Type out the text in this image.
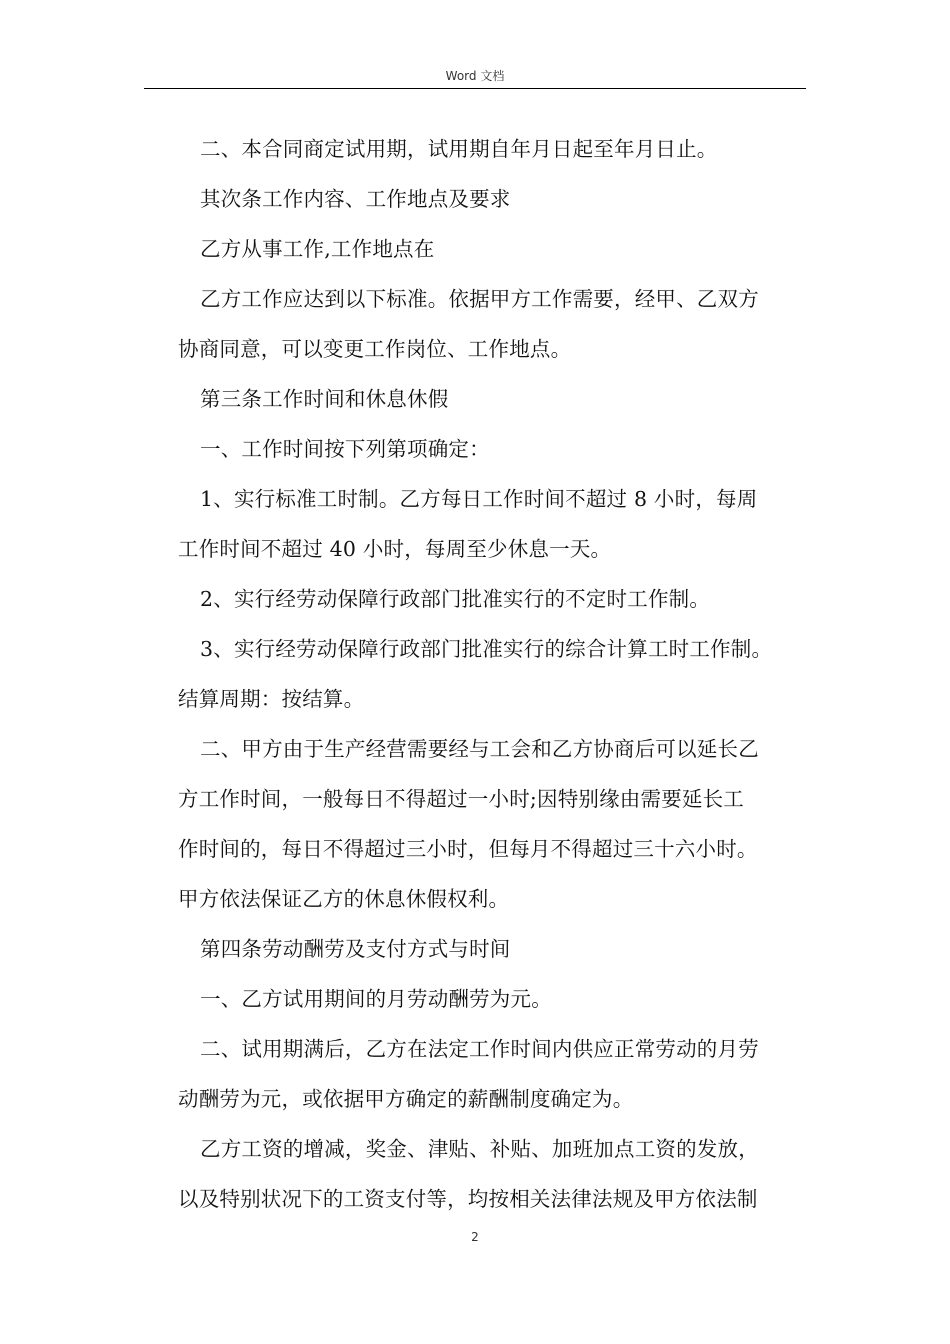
Word 文档

二、本合同商定试用期，试用期自年月日起至年月日止。

其次条工作内容、工作地点及要求

乙方从事工作,工作地点在

乙方工作应达到以下标准。依据甲方工作需要，经甲、乙双方

协商同意，可以变更工作岗位、工作地点。

第三条工作时间和休息休假

一、工作时间按下列第项确定：

1、实行标准工时制。乙方每日工作时间不超过 8 小时，每周

工作时间不超过 40 小时，每周至少休息一天。

2、实行经劳动保障行政部门批准实行的不定时工作制。

3、实行经劳动保障行政部门批准实行的综合计算工时工作制。

结算周期：按结算。

二、甲方由于生产经营需要经与工会和乙方协商后可以延长乙

方工作时间，一般每日不得超过一小时;因特别缘由需要延长工

作时间的，每日不得超过三小时，但每月不得超过三十六小时。

甲方依法保证乙方的休息休假权利。

第四条劳动酬劳及支付方式与时间

一、乙方试用期间的月劳动酬劳为元。

二、试用期满后，乙方在法定工作时间内供应正常劳动的月劳

动酬劳为元，或依据甲方确定的薪酬制度确定为。

乙方工资的增减，奖金、津贴、补贴、加班加点工资的发放，

以及特别状况下的工资支付等，均按相关法律法规及甲方依法制

2
